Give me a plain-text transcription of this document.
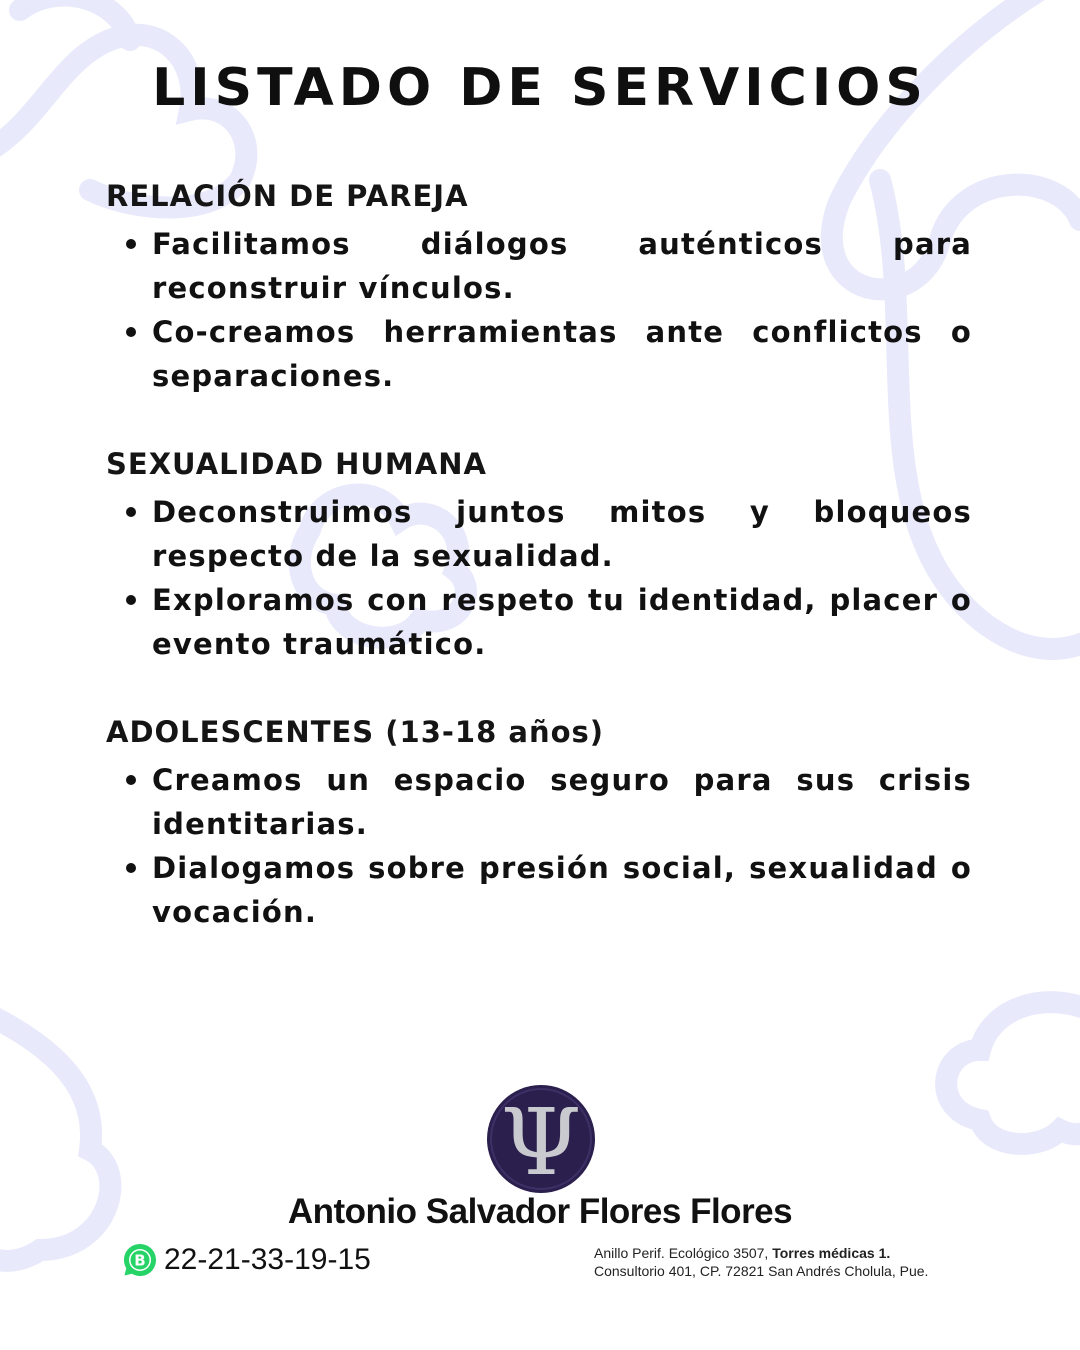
LISTADO DE SERVICIOS
RELACIÓN DE PAREJA
Facilitamos diálogos auténticos para reconstruir vínculos.
Co-creamos herramientas ante conflictos o separaciones.
SEXUALIDAD HUMANA
Deconstruimos juntos mitos y bloqueos respecto de la sexualidad.
Exploramos con respeto tu identidad, placer o evento traumático.
ADOLESCENTES (13-18 años)
Creamos un espacio seguro para sus crisis identitarias.
Dialogamos sobre presión social, sexualidad o vocación.
Ψ
Antonio Salvador Flores Flores
B 22-21-33-19-15	Anillo Perif. Ecológico 3507, Torres médicas 1.
Consultorio 401, CP. 72821 San Andrés Cholula, Pue.
